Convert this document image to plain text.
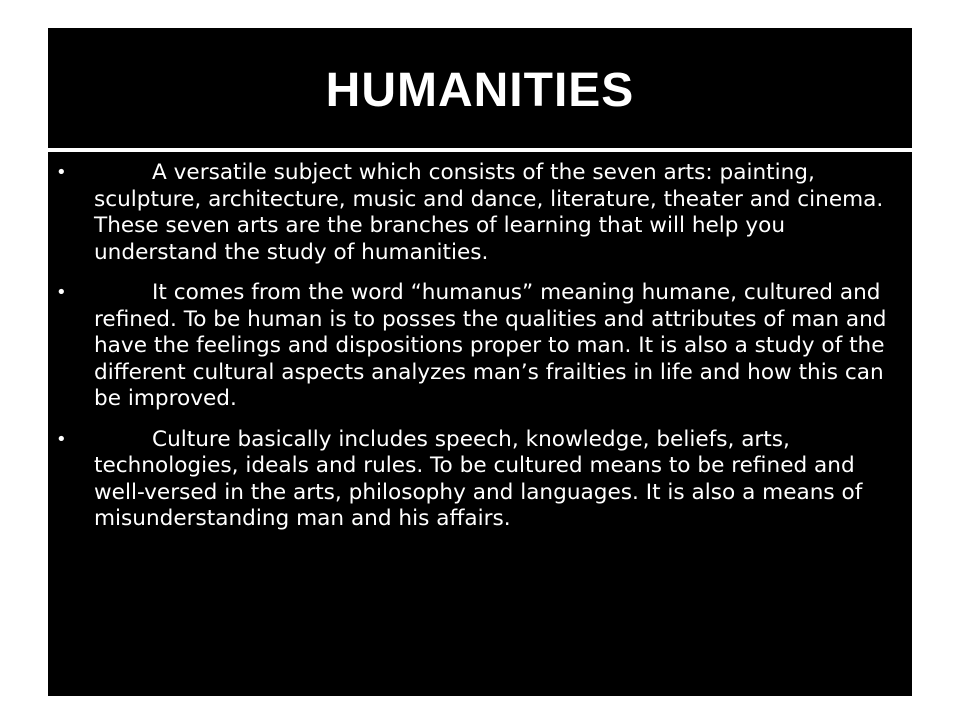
HUMANITIES
•	A versatile subject which consists of the seven arts: painting, sculpture, architecture, music and dance, literature, theater and cinema. These seven arts are the branches of learning that will help you understand the study of humanities.
•	It comes from the word “humanus” meaning humane, cultured and refined. To be human is to posses the qualities and attributes of man and have the feelings and dispositions proper to man. It is also a study of the different cultural aspects analyzes man’s frailties in life and how this can be improved.
•	Culture basically includes speech, knowledge, beliefs, arts, technologies, ideals and rules. To be cultured means to be refined and well-versed in the arts, philosophy and languages. It is also a means of misunderstanding man and his affairs.
